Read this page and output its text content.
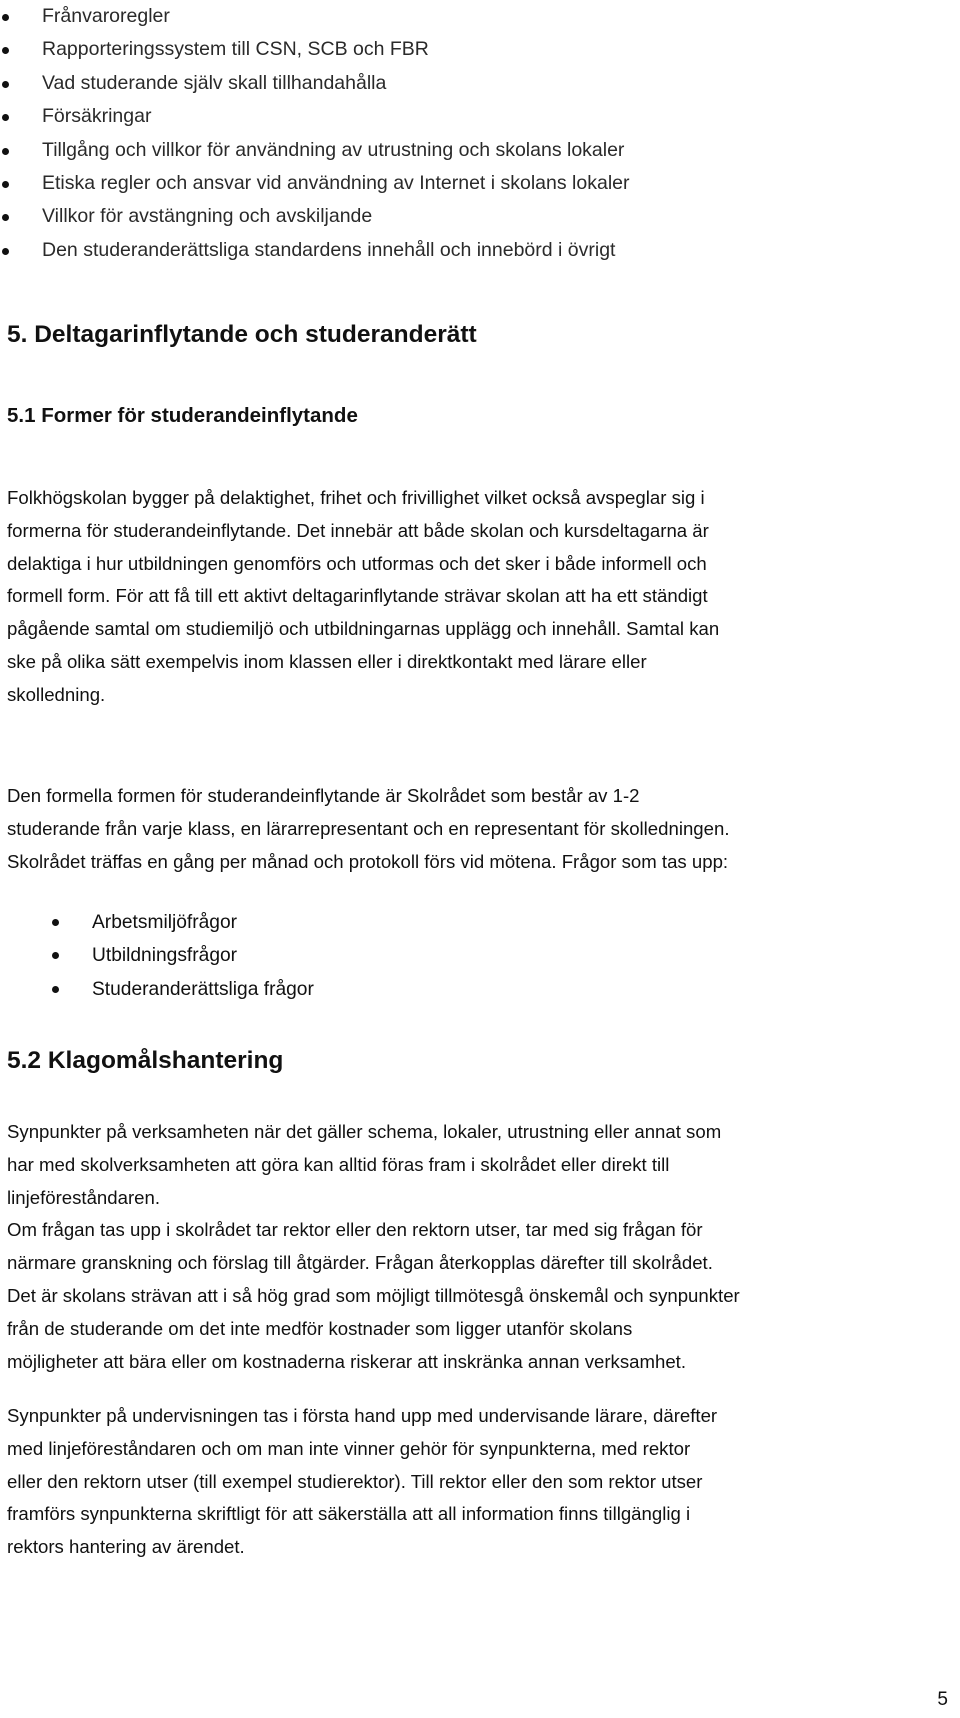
Frånvaroregler
Rapporteringssystem till CSN, SCB och FBR
Vad studerande själv skall tillhandahålla
Försäkringar
Tillgång och villkor för användning av utrustning och skolans lokaler
Etiska regler och ansvar vid användning av Internet i skolans lokaler
Villkor för avstängning och avskiljande
Den studeranderättsliga standardens innehåll och innebörd i övrigt
5. Deltagarinflytande och studeranderätt
5.1 Former för studerandeinflytande

Folkhögskolan bygger på delaktighet, frihet och frivillighet vilket också avspeglar sig i
formerna för studerandeinflytande. Det innebär att både skolan och kursdeltagarna är
delaktiga i hur utbildningen genomförs och utformas och det sker i både informell och
formell form. För att få till ett aktivt deltagarinflytande strävar skolan att ha ett ständigt
pågående samtal om studiemiljö och utbildningarnas upplägg och innehåll. Samtal kan
ske på olika sätt exempelvis inom klassen eller i direktkontakt med lärare eller
skolledning.

Den formella formen för studerandeinflytande är Skolrådet som består av 1-2
studerande från varje klass, en lärarrepresentant och en representant för skolledningen.
Skolrådet träffas en gång per månad och protokoll förs vid mötena. Frågor som tas upp:

Arbetsmiljöfrågor
Utbildningsfrågor
Studeranderättsliga frågor
5.2 Klagomålshantering

Synpunkter på verksamheten när det gäller schema, lokaler, utrustning eller annat som
har med skolverksamheten att göra kan alltid föras fram i skolrådet eller direkt till
linjeföreståndaren.
Om frågan tas upp i skolrådet tar rektor eller den rektorn utser, tar med sig frågan för
närmare granskning och förslag till åtgärder. Frågan återkopplas därefter till skolrådet.
Det är skolans strävan att i så hög grad som möjligt tillmötesgå önskemål och synpunkter
från de studerande om det inte medför kostnader som ligger utanför skolans
möjligheter att bära eller om kostnaderna riskerar att inskränka annan verksamhet.

Synpunkter på undervisningen tas i första hand upp med undervisande lärare, därefter
med linjeföreståndaren och om man inte vinner gehör för synpunkterna, med rektor
eller den rektorn utser (till exempel studierektor). Till rektor eller den som rektor utser
framförs synpunkterna skriftligt för att säkerställa att all information finns tillgänglig i
rektors hantering av ärendet.

5
